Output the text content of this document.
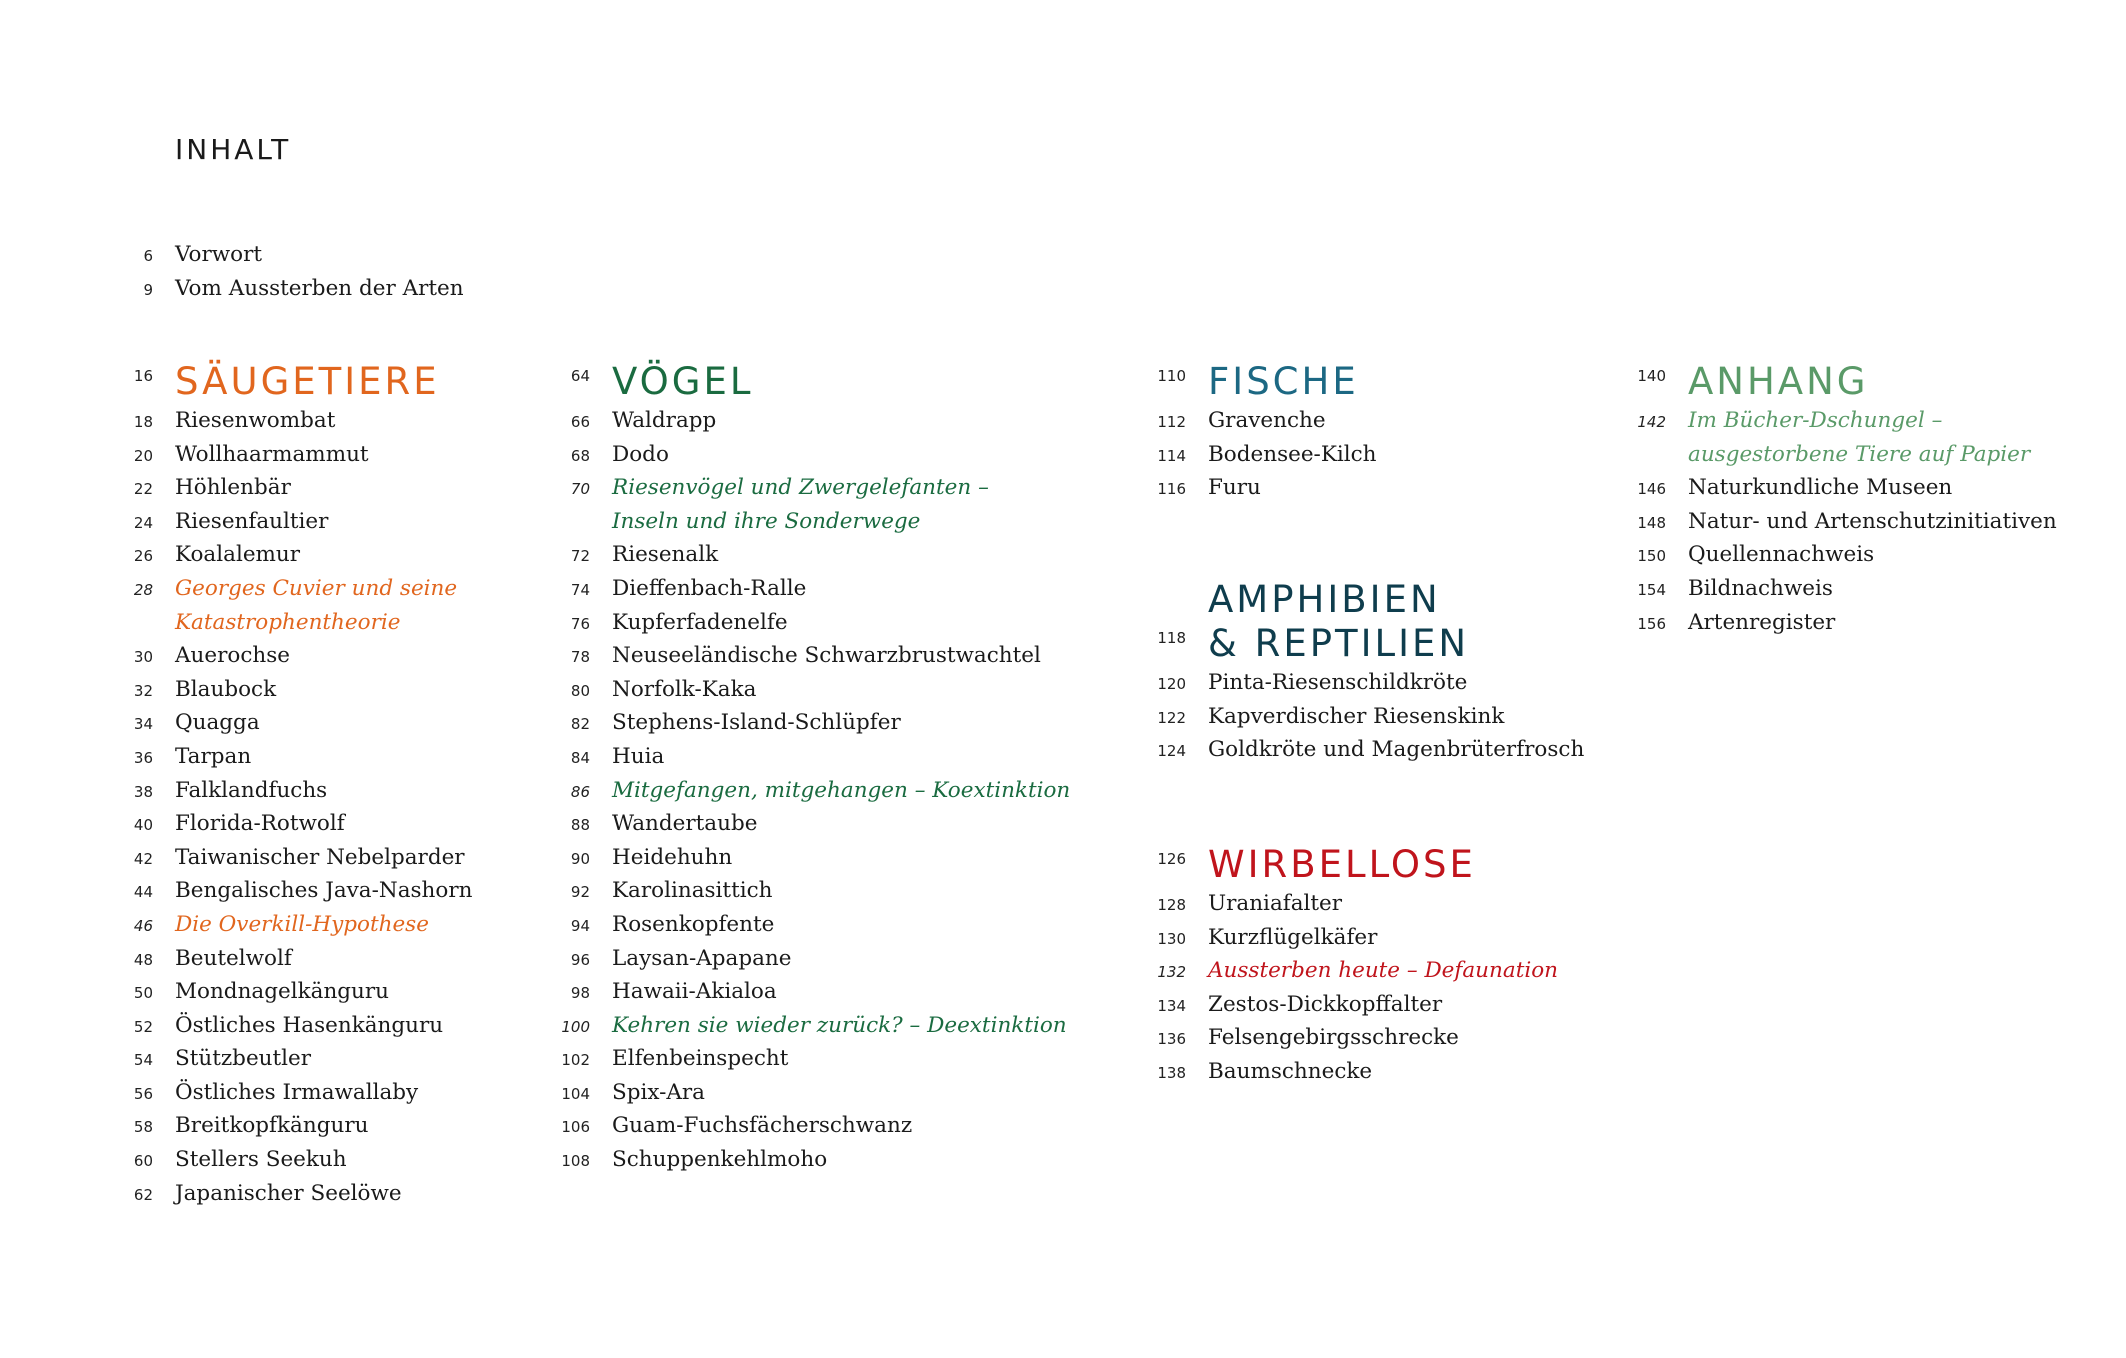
INHALT
6 Vorwort
9 Vom Aussterben der Arten
16 SÄUGETIERE
18 Riesenwombat
20 Wollhaarmammut
22 Höhlenbär
24 Riesenfaultier
26 Koalalemur
28 Georges Cuvier und seine
Katastrophentheorie
30 Auerochse
32 Blaubock
34 Quagga
36 Tarpan
38 Falklandfuchs
40 Florida-Rotwolf
42 Taiwanischer Nebelparder
44 Bengalisches Java-Nashorn
46 Die Overkill-Hypothese
48 Beutelwolf
50 Mondnagelkänguru
52 Östliches Hasenkänguru
54 Stützbeutler
56 Östliches Irmawallaby
58 Breitkopfkänguru
60 Stellers Seekuh
62 Japanischer Seelöwe
64 VÖGEL
66 Waldrapp
68 Dodo
70 Riesenvögel und Zwergelefanten –
Inseln und ihre Sonderwege
72 Riesenalk
74 Dieffenbach-Ralle
76 Kupferfadenelfe
78 Neuseeländische Schwarzbrustwachtel
80 Norfolk-Kaka
82 Stephens-Island-Schlüpfer
84 Huia
86 Mitgefangen, mitgehangen – Koextinktion
88 Wandertaube
90 Heidehuhn
92 Karolinasittich
94 Rosenkopfente
96 Laysan-Apapane
98 Hawaii-Akialoa
100 Kehren sie wieder zurück? – Deextinktion
102 Elfenbeinspecht
104 Spix-Ara
106 Guam-Fuchsfächerschwanz
108 Schuppenkehlmoho
110 FISCHE
112 Gravenche
114 Bodensee-Kilch
116 Furu
AMPHIBIEN
& REPTILIEN
118
120 Pinta-Riesenschildkröte
122 Kapverdischer Riesenskink
124 Goldkröte und Magenbrüterfrosch
126 WIRBELLOSE
128 Uraniafalter
130 Kurzflügelkäfer
132 Aussterben heute – Defaunation
134 Zestos-Dickkopffalter
136 Felsengebirgsschrecke
138 Baumschnecke
140 ANHANG
142 Im Bücher-Dschungel –
ausgestorbene Tiere auf Papier
146 Naturkundliche Museen
148 Natur- und Artenschutzinitiativen
150 Quellennachweis
154 Bildnachweis
156 Artenregister
